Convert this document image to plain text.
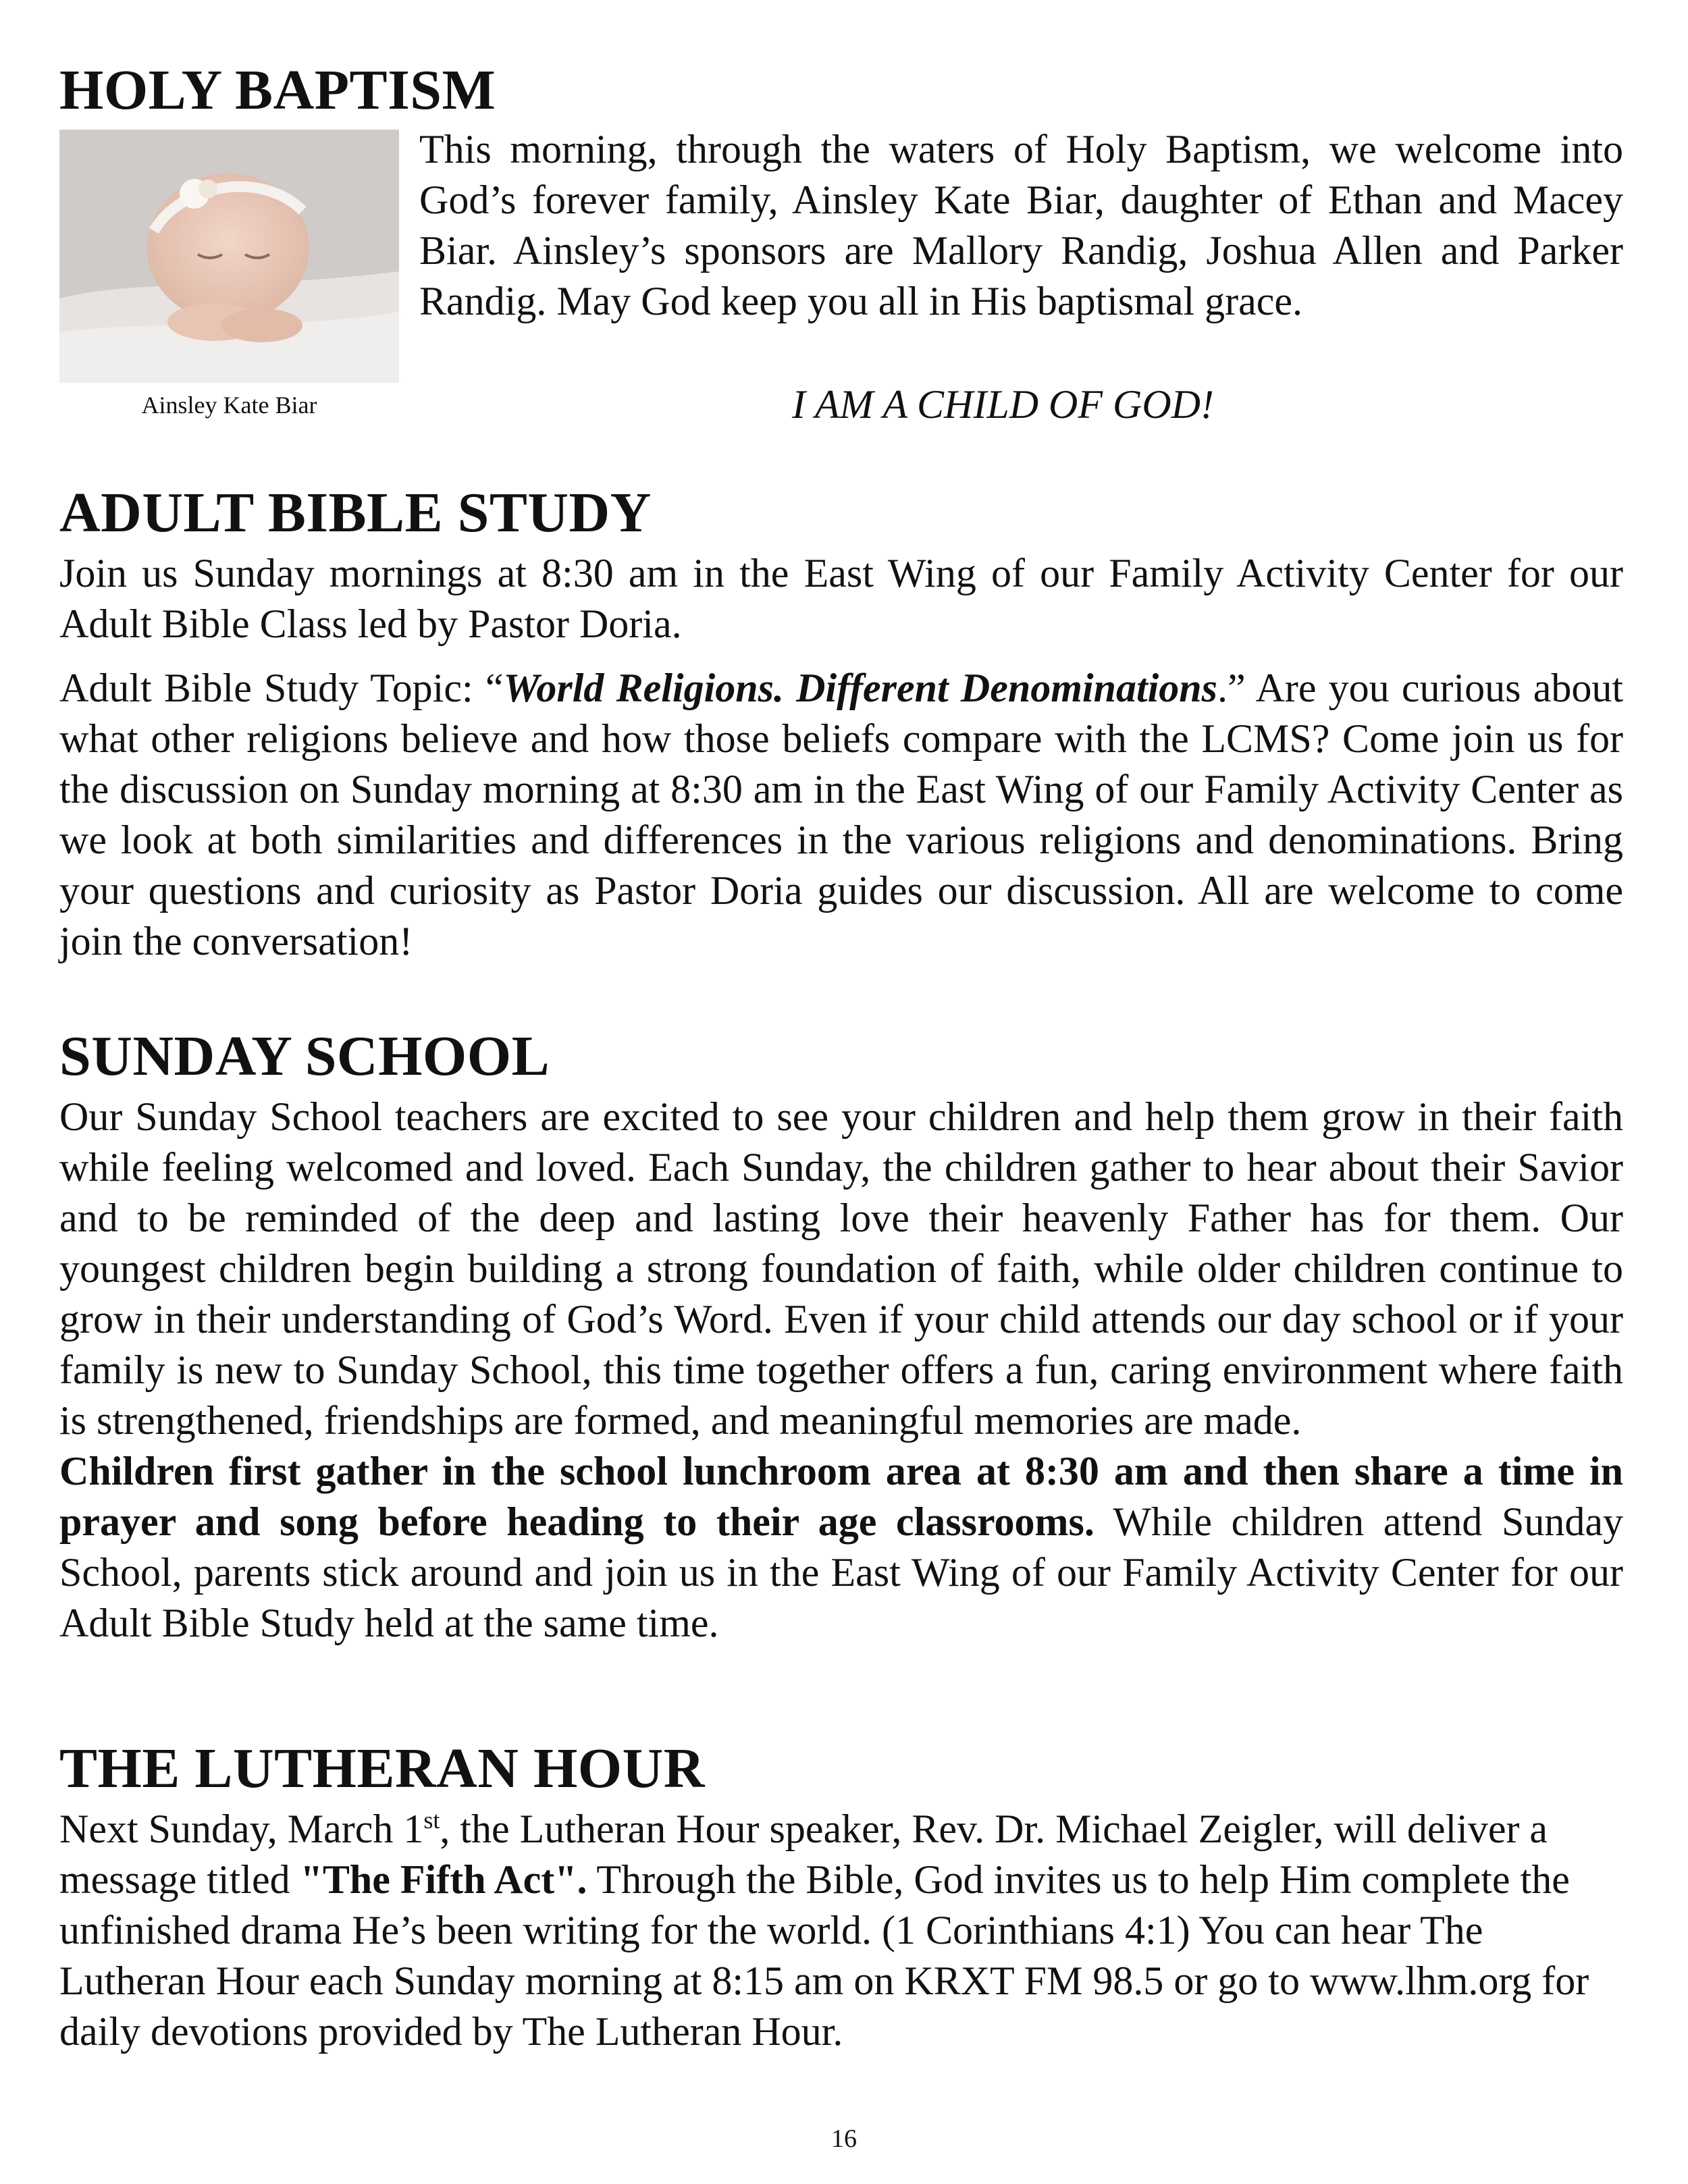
HOLY BAPTISM
Ainsley Kate Biar

This morning, through the waters of Holy Baptism, we welcome into God’s forever family, Ainsley Kate Biar, daughter of Ethan and Macey Biar. Ainsley’s sponsors are Mallory Randig, Joshua Allen and Parker Randig. May God keep you all in His baptismal grace.

I AM A CHILD OF GOD!
ADULT BIBLE STUDY

Join us Sunday mornings at 8:30 am in the East Wing of our Family Activity Center for our Adult Bible Class led by Pastor Doria.

Adult Bible Study Topic: “World Religions. Different Denominations.” Are you curious about what other religions believe and how those beliefs compare with the LCMS? Come join us for the discussion on Sunday morning at 8:30 am in the East Wing of our Family Activity Center as we look at both similarities and differences in the various religions and denominations. Bring your questions and curiosity as Pastor Doria guides our discussion. All are welcome to come join the conversation!

SUNDAY SCHOOL

Our Sunday School teachers are excited to see your children and help them grow in their faith while feeling welcomed and loved. Each Sunday, the children gather to hear about their Savior and to be reminded of the deep and lasting love their heavenly Father has for them. Our youngest children begin building a strong foundation of faith, while older children continue to grow in their understanding of God’s Word. Even if your child attends our day school or if your family is new to Sunday School, this time together offers a fun, caring environment where faith is strengthened, friendships are formed, and meaningful memories are made.

Children first gather in the school lunchroom area at 8:30 am and then share a time in prayer and song before heading to their age classrooms. While children attend Sunday School, parents stick around and join us in the East Wing of our Family Activity Center for our Adult Bible Study held at the same time.

THE LUTHERAN HOUR

Next Sunday, March 1st, the Lutheran Hour speaker, Rev. Dr. Michael Zeigler, will deliver a message titled "The Fifth Act". Through the Bible, God invites us to help Him complete the unfinished drama He’s been writing for the world. (1 Corinthians 4:1) You can hear The Lutheran Hour each Sunday morning at 8:15 am on KRXT FM 98.5 or go to www.lhm.org for daily devotions provided by The Lutheran Hour.

16
